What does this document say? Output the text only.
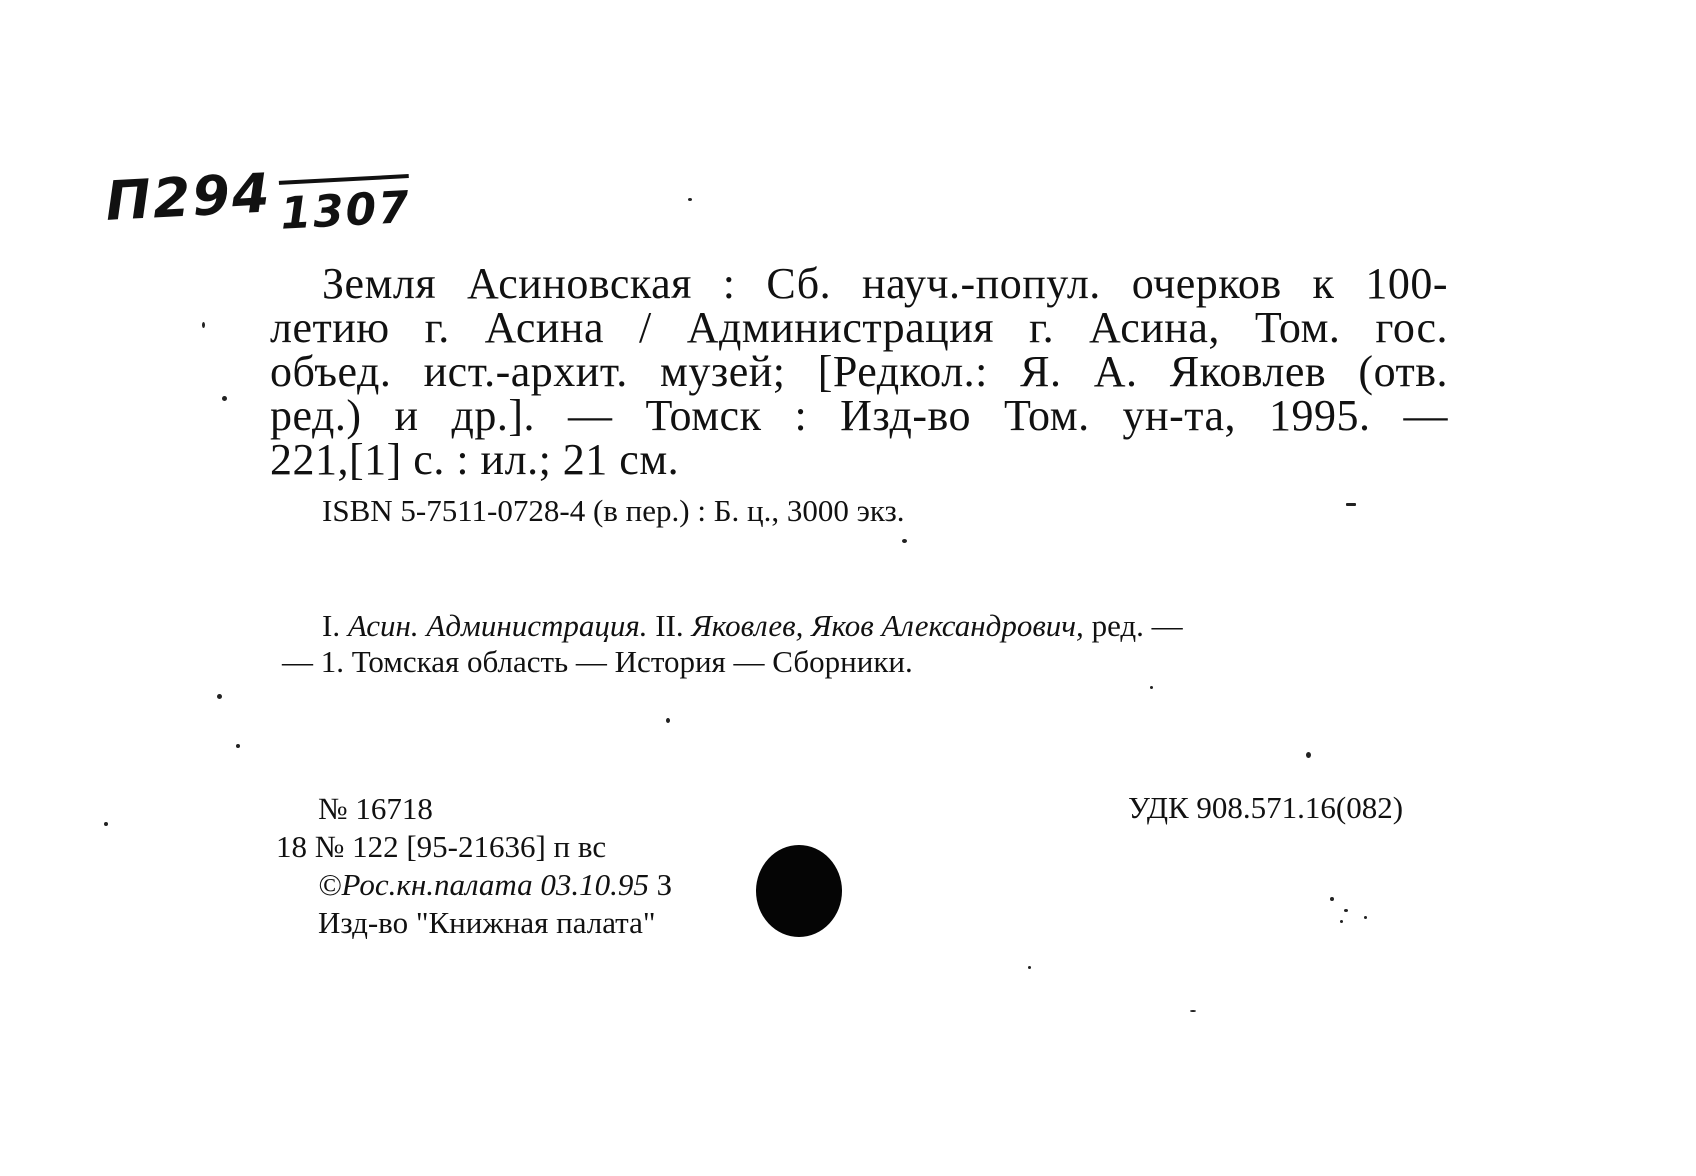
П294 1307
Земля Асиновская : Сб. науч.-попул. очерков к 100-
летию г. Асина / Администрация г. Асина, Том. гос.
объед. ист.-архит. музей; [Редкол.: Я. А. Яковлев (отв.
ред.) и др.]. — Томск : Изд-во Том. ун-та, 1995. —
221,[1] с. : ил.; 21 см.
ISBN 5-7511-0728-4 (в пер.) : Б. ц., 3000 экз.
I. Асин. Администрация. II. Яковлев, Яков Александрович, ред. —
— 1. Томская область — История — Сборники.
№ 16718
18 № 122 [95-21636] п вс
©Рос.кн.палата 03.10.95 З
Изд-во "Книжная палата"
УДК 908.571.16(082)
